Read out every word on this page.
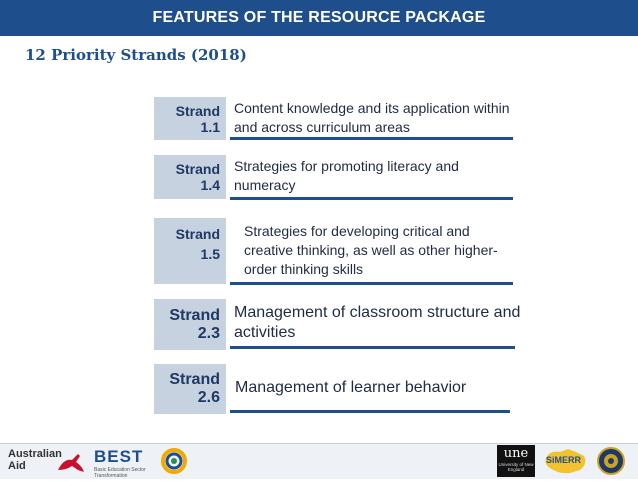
FEATURES OF THE RESOURCE PACKAGE
12 Priority Strands (2018)
Strand
1.1
Content knowledge and its application within and across curriculum areas
Strand
1.4
Strategies for promoting literacy and numeracy
Strand
1.5
Strategies for developing critical and creative thinking, as well as other higher-order thinking skills
Strand
2.3
Management of classroom structure and activities
Strand
2.6
Management of learner behavior
Australian Aid	BEST
Basic Education Sector Transformation
une
University of New England
SiMERR
